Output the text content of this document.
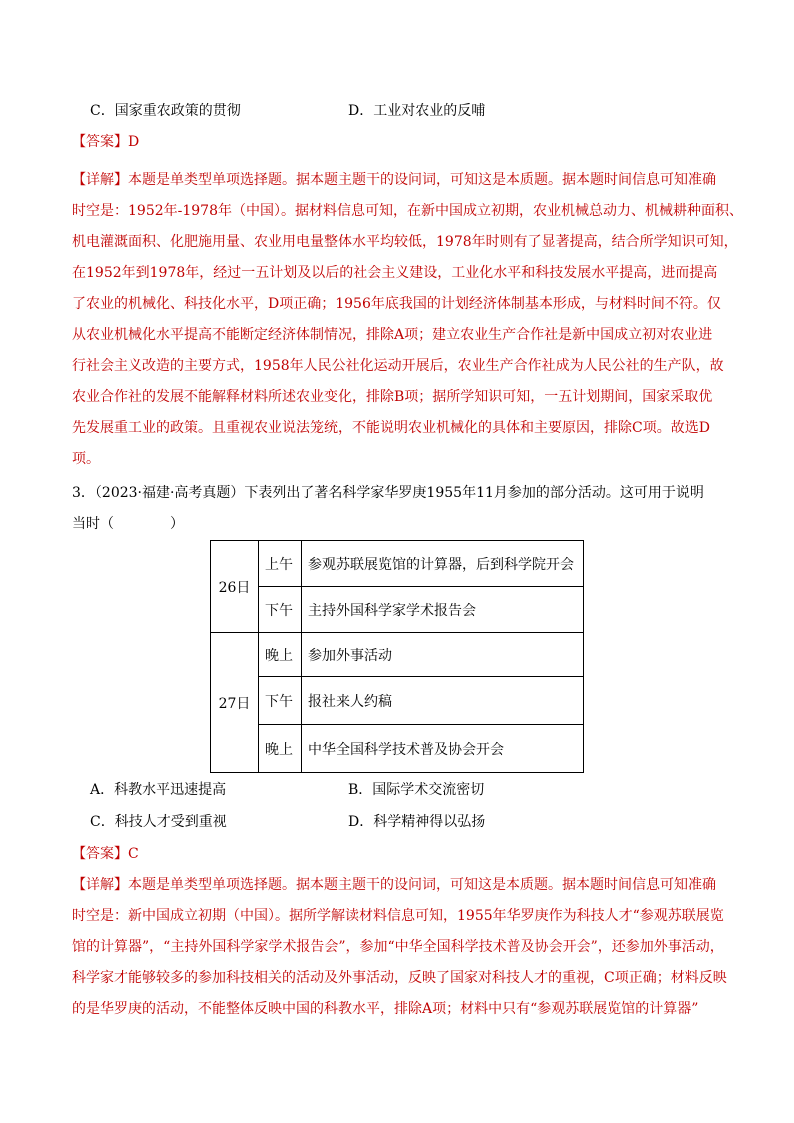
C．国家重农政策的贯彻	D．工业对农业的反哺
【答案】D
【详解】本题是单类型单项选择题。据本题主题干的设问词，可知这是本质题。据本题时间信息可知准确
时空是：1952年-1978年（中国）。据材料信息可知，在新中国成立初期，农业机械总动力、机械耕种面积、
机电灌溉面积、化肥施用量、农业用电量整体水平均较低，1978年时则有了显著提高，结合所学知识可知，
在1952年到1978年，经过一五计划及以后的社会主义建设，工业化水平和科技发展水平提高，进而提高
了农业的机械化、科技化水平，D项正确；1956年底我国的计划经济体制基本形成，与材料时间不符。仅
从农业机械化水平提高不能断定经济体制情况，排除A项；建立农业生产合作社是新中国成立初对农业进
行社会主义改造的主要方式，1958年人民公社化运动开展后，农业生产合作社成为人民公社的生产队，故
农业合作社的发展不能解释材料所述农业变化，排除B项；据所学知识可知，一五计划期间，国家采取优
先发展重工业的政策。且重视农业说法笼统，不能说明农业机械化的具体和主要原因，排除C项。故选D
项。
3．（2023·福建·高考真题）下表列出了著名科学家华罗庚1955年11月参加的部分活动。这可用于说明
当时（　　　　）
26日	上午	参观苏联展览馆的计算器，后到科学院开会
	下午	主持外国科学家学术报告会
27日	晚上	参加外事活动
	下午	报社来人约稿
	晚上	中华全国科学技术普及协会开会
A．科教水平迅速提高	B．国际学术交流密切
C．科技人才受到重视	D．科学精神得以弘扬
【答案】C
【详解】本题是单类型单项选择题。据本题主题干的设问词，可知这是本质题。据本题时间信息可知准确
时空是：新中国成立初期（中国）。据所学解读材料信息可知，1955年华罗庚作为科技人才“参观苏联展览
馆的计算器”，“主持外国科学家学术报告会”，参加“中华全国科学技术普及协会开会”，还参加外事活动，
科学家才能够较多的参加科技相关的活动及外事活动，反映了国家对科技人才的重视，C项正确；材料反映
的是华罗庚的活动，不能整体反映中国的科教水平，排除A项；材料中只有“参观苏联展览馆的计算器”
